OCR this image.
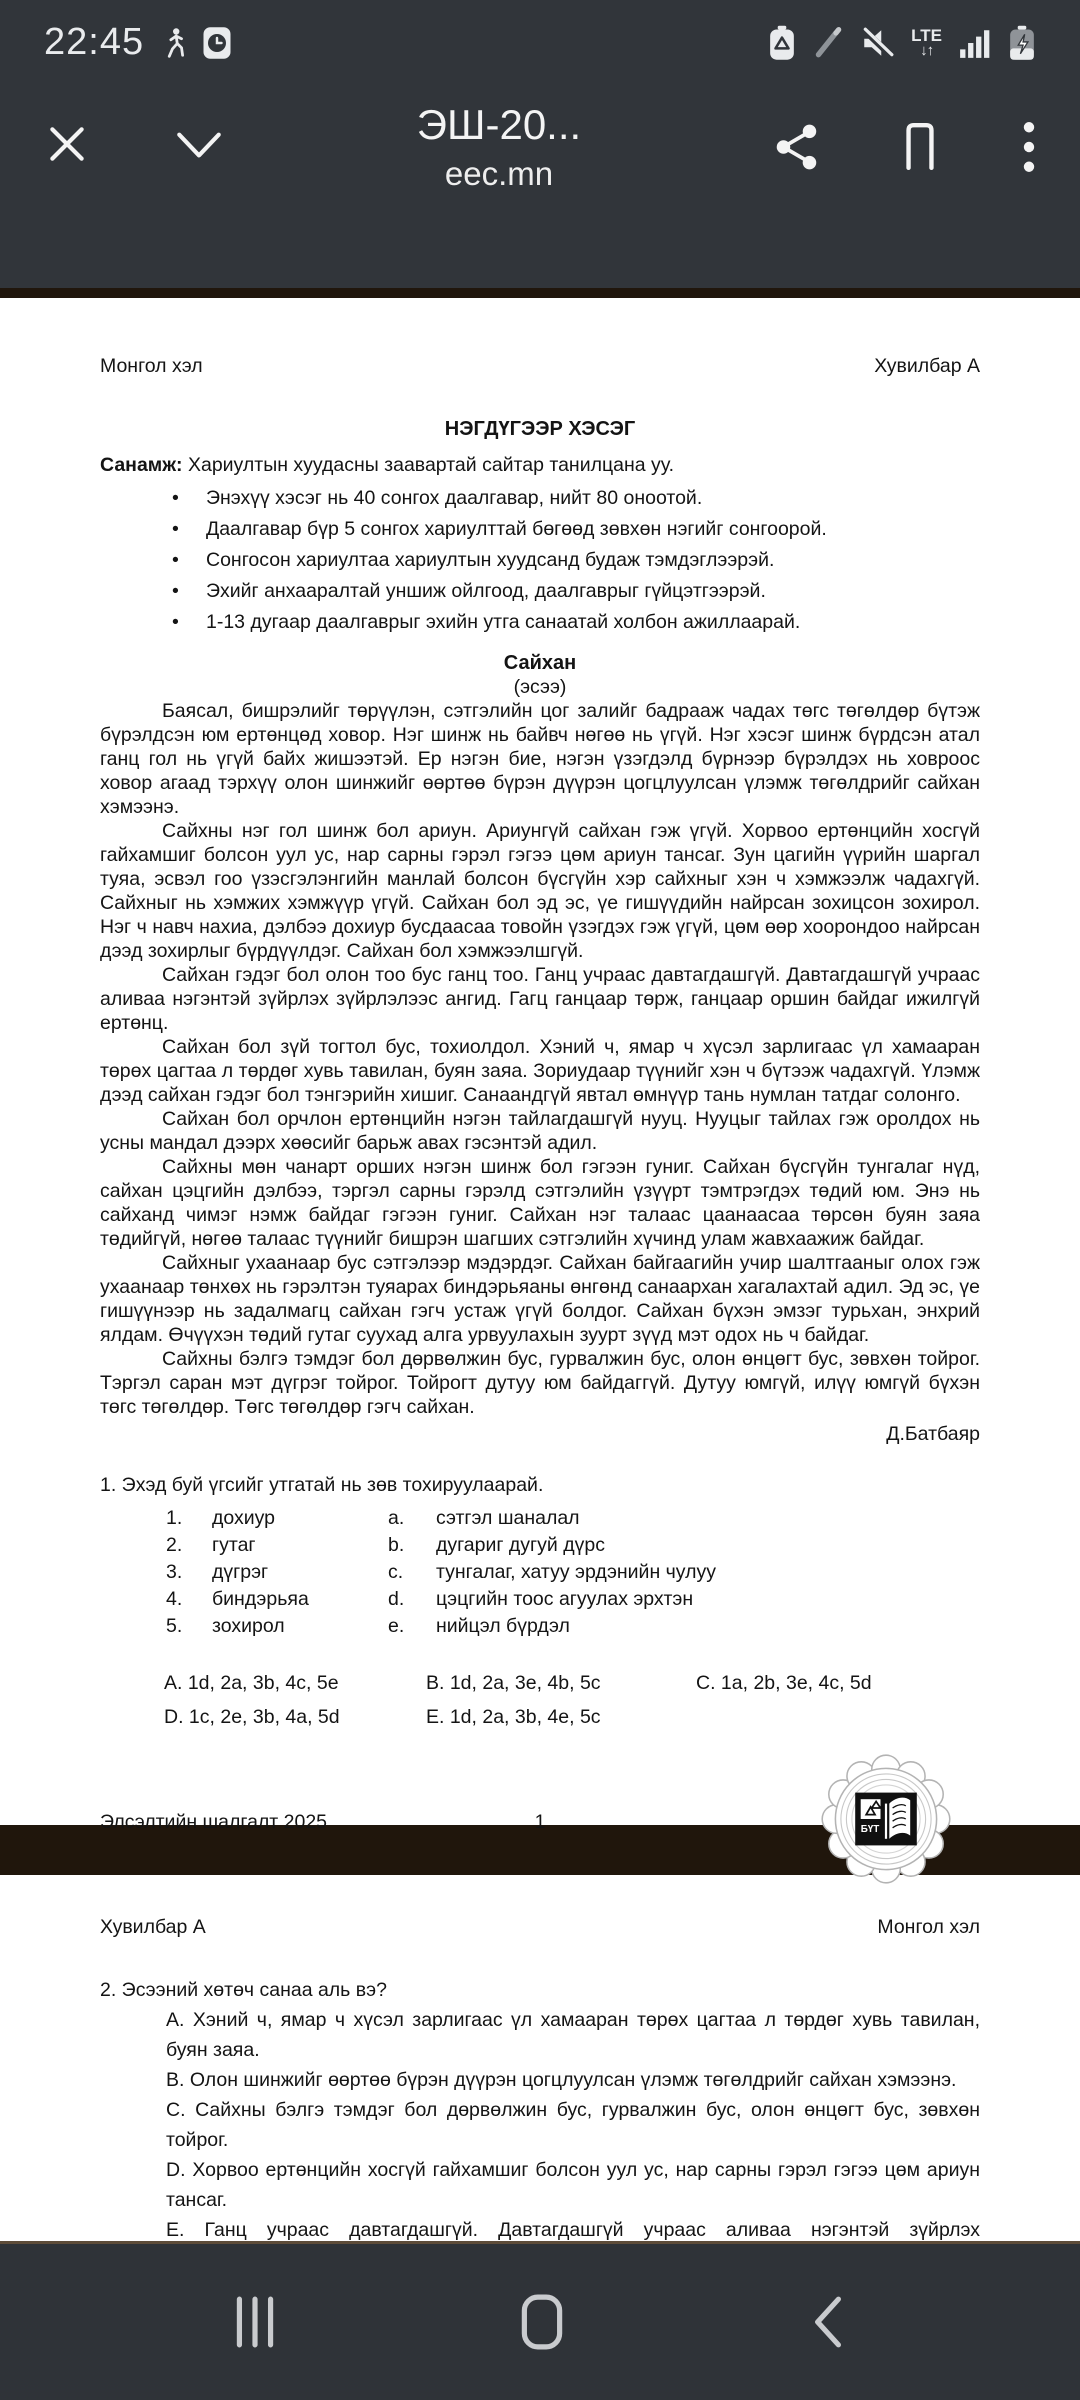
22:45	LTE
↓↑
ЭШ-20...
eec.mn
Монгол хэл	Хувилбар А
НЭГДҮГЭЭР ХЭСЭГ
Санамж: Хариултын хуудасны заавартай сайтар танилцана уу.
•	Энэхүү хэсэг нь 40 сонгох даалгавар, нийт 80 оноотой.
•	Даалгавар бүр 5 сонгох хариулттай бөгөөд зөвхөн нэгийг сонгоорой.
•	Сонгосон хариултаа хариултын хуудсанд будаж тэмдэглээрэй.
•	Эхийг анхааралтай уншиж ойлгоод, даалгаврыг гүйцэтгээрэй.
•	1-13 дугаар даалгаврыг эхийн утга санаатай холбон ажиллаарай.
Сайхан
(эсээ)

Баясал, бишрэлийг төрүүлэн, сэтгэлийн цог залийг бадрааж чадах төгс төгөлдөр бүтэж бүрэлдсэн юм ертөнцөд ховор. Нэг шинж нь байвч нөгөө нь үгүй. Нэг хэсэг шинж бүрдсэн атал ганц гол нь үгүй байх жишээтэй. Ер нэгэн бие, нэгэн үзэгдэлд бүрнээр бүрэлдэх нь ховроос ховор агаад тэрхүү олон шинжийг өөртөө бүрэн дүүрэн цогцлуулсан үлэмж төгөлдрийг сайхан хэмээнэ.

Сайхны нэг гол шинж бол ариун. Ариунгүй сайхан гэж үгүй. Хорвоо ертөнцийн хосгүй гайхамшиг болсон уул ус, нар сарны гэрэл гэгээ цөм ариун тансаг. Зун цагийн үүрийн шаргал туяа, эсвэл гоо үзэсгэлэнгийн манлай болсон бүсгүйн хэр сайхныг хэн ч хэмжээлж чадахгүй. Сайхныг нь хэмжих хэмжүүр үгүй. Сайхан бол эд эс, үе гишүүдийн найрсан зохицсон зохирол. Нэг ч навч нахиа, дэлбээ дохиур бусдаасаа товойн үзэгдэх гэж үгүй, цөм өөр хоорондоо найрсан дээд зохирлыг бүрдүүлдэг. Сайхан бол хэмжээлшгүй.

Сайхан гэдэг бол олон тоо бус ганц тоо. Ганц учраас давтагдашгүй. Давтагдашгүй учраас аливаа нэгэнтэй зүйрлэх зүйрлэлээс ангид. Гагц ганцаар төрж, ганцаар оршин байдаг ижилгүй ертөнц.

Сайхан бол зүй тогтол бус, тохиолдол. Хэний ч, ямар ч хүсэл зарлигаас үл хамааран төрөх цагтаа л төрдөг хувь тавилан, буян заяа. Зориудаар түүнийг хэн ч бүтээж чадахгүй. Үлэмж дээд сайхан гэдэг бол тэнгэрийн хишиг. Санаандгүй явтал өмнүүр тань нумлан татдаг солонго.

Сайхан бол орчлон ертөнцийн нэгэн тайлагдашгүй нууц. Нууцыг тайлах гэж оролдох нь усны мандал дээрх хөөсийг барьж авах гэсэнтэй адил.

Сайхны мөн чанарт орших нэгэн шинж бол гэгээн гуниг. Сайхан бүсгүйн тунгалаг нүд, сайхан цэцгийн дэлбээ, тэргэл сарны гэрэлд сэтгэлийн үзүүрт тэмтрэгдэх төдий юм. Энэ нь сайханд чимэг нэмж байдаг гэгээн гуниг. Сайхан нэг талаас цаанаасаа төрсөн буян заяа төдийгүй, нөгөө талаас түүнийг бишрэн шагших сэтгэлийн хүчинд улам жавхаажиж байдаг.

Сайхныг ухаанаар бус сэтгэлээр мэдэрдэг. Сайхан байгаагийн учир шалтгааныг олох гэж ухаанаар төнхөх нь гэрэлтэн туяарах биндэрьяаны өнгөнд санаархан хагалахтай адил. Эд эс, үе гишүүнээр нь задалмагц сайхан гэгч устаж үгүй болдог. Сайхан бүхэн эмзэг турьхан, энхрий ялдам. Өчүүхэн төдий гутаг суухад алга урвуулахын зуурт зүүд мэт одох нь ч байдаг.

Сайхны бэлгэ тэмдэг бол дөрвөлжин бус, гурвалжин бус, олон өнцөгт бус, зөвхөн тойрог. Тэргэл саран мэт дүгрэг тойрог. Тойрогт дутуу юм байдаггүй. Дутуу юмгүй, илүү юмгүй бүхэн төгс төгөлдөр. Төгс төгөлдөр гэгч сайхан.

Д.Батбаяр
1. Эхэд буй үгсийг утгатай нь зөв тохируулаарай.
1.	дохиур	a.	сэтгэл шаналал
2.	гутаг	b.	дугариг дугуй дүрс
3.	дүгрэг	c.	тунгалаг, хатуу эрдэнийн чулуу
4.	биндэрьяа	d.	цэцгийн тоос агуулах эрхтэн
5.	зохирол	e.	нийцэл бүрдэл
A. 1d, 2a, 3b, 4c, 5e	B. 1d, 2a, 3e, 4b, 5c	C. 1a, 2b, 3e, 4c, 5d
D. 1c, 2e, 3b, 4a, 5d	E. 1d, 2a, 3b, 4e, 5c
Элсэлтийн шалгалт 2025	1	БҮТ
Хувилбар А	Монгол хэл
2. Эсээний хөтөч санаа аль вэ?
A. Хэний ч, ямар ч хүсэл зарлигаас үл хамааран төрөх цагтаа л төрдөг хувь тавилан, буян заяа.
B. Олон шинжийг өөртөө бүрэн дүүрэн цогцлуулсан үлэмж төгөлдрийг сайхан хэмээнэ.
C. Сайхны бэлгэ тэмдэг бол дөрвөлжин бус, гурвалжин бус, олон өнцөгт бус, зөвхөн тойрог.
D. Хорвоо ертөнцийн хосгүй гайхамшиг болсон уул ус, нар сарны гэрэл гэгээ цөм ариун тансаг.
E. Ганц учраас давтагдашгүй. Давтагдашгүй учраас аливаа нэгэнтэй зүйрлэх
